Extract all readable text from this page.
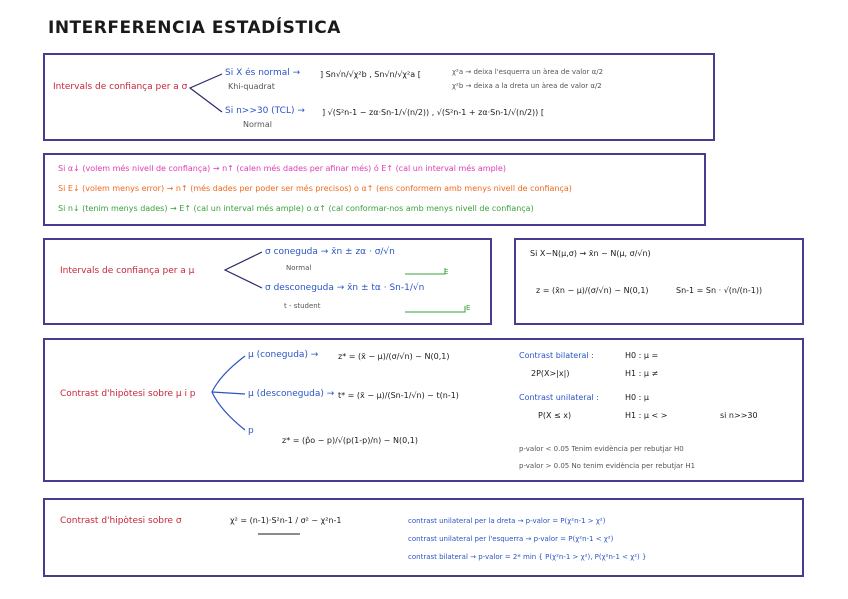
INTERFERENCIA ESTADÍSTICA
Intervals de confiança per a σ
Si X és normal →
Khi-quadrat
] Sn√n/√χ²b , Sn√n/√χ²a [	χ²a → deixa l'esquerra un àrea de valor α/2
χ²b → deixa a la dreta un àrea de valor α/2
Si n>>30 (TCL) →
Normal
] √(S²n-1 − zα·Sn-1/√(n/2)) , √(S²n-1 + zα·Sn-1/√(n/2)) [
Si α↓ (volem més nivell de confiança) → n↑ (calen més dades per afinar més) ó E↑ (cal un interval més ample)
Si E↓ (volem menys error) → n↑ (més dades per poder ser més precisos) o α↑ (ens conformem amb menys nivell de confiança)
Si n↓ (tenim menys dades) → E↑ (cal un interval més ample) o α↑ (cal conformar-nos amb menys nivell de confiança)
Intervals de confiança per a μ
σ coneguda → x̄n ± zα · σ/√n
Normal
σ desconeguda → x̄n ± tα · Sn-1/√n
t - student
E
E
Si X~N(μ,σ) → x̄n ~ N(μ, σ/√n)
z = (x̄n − μ)/(σ/√n) ~ N(0,1)	Sn-1 = Sn · √(n/(n-1))
Contrast d'hipòtesi sobre μ i p
μ (coneguda) → z* = (x̄ − μ)/(σ/√n) ~ N(0,1)
μ (desconeguda) → t* = (x̄ − μ)/(Sn-1/√n) ~ t(n-1)
p
z* = (p̂o − p)/√(p(1-p)/n) ~ N(0,1)
Contrast bilateral :	H0 : μ =
H1 : μ ≠
2P(X>|x|)
Contrast unilateral :	H0 : μ
H1 : μ < >
P(X ≤ x)	si n>>30
p-valor < 0.05 Tenim evidència per rebutjar H0
p-valor > 0.05 No tenim evidència per rebutjar H1
Contrast d'hipòtesi sobre σ	χ² = (n-1)·S²n-1 / σ² ~ χ²n-1	contrast unilateral per la dreta → p-valor = P(χ²n-1 > χ²)
contrast unilateral per l'esquerra → p-valor = P(χ²n-1 < χ²)
contrast bilateral → p-valor = 2* min { P(χ²n-1 > χ²), P(χ²n-1 < χ²) }
